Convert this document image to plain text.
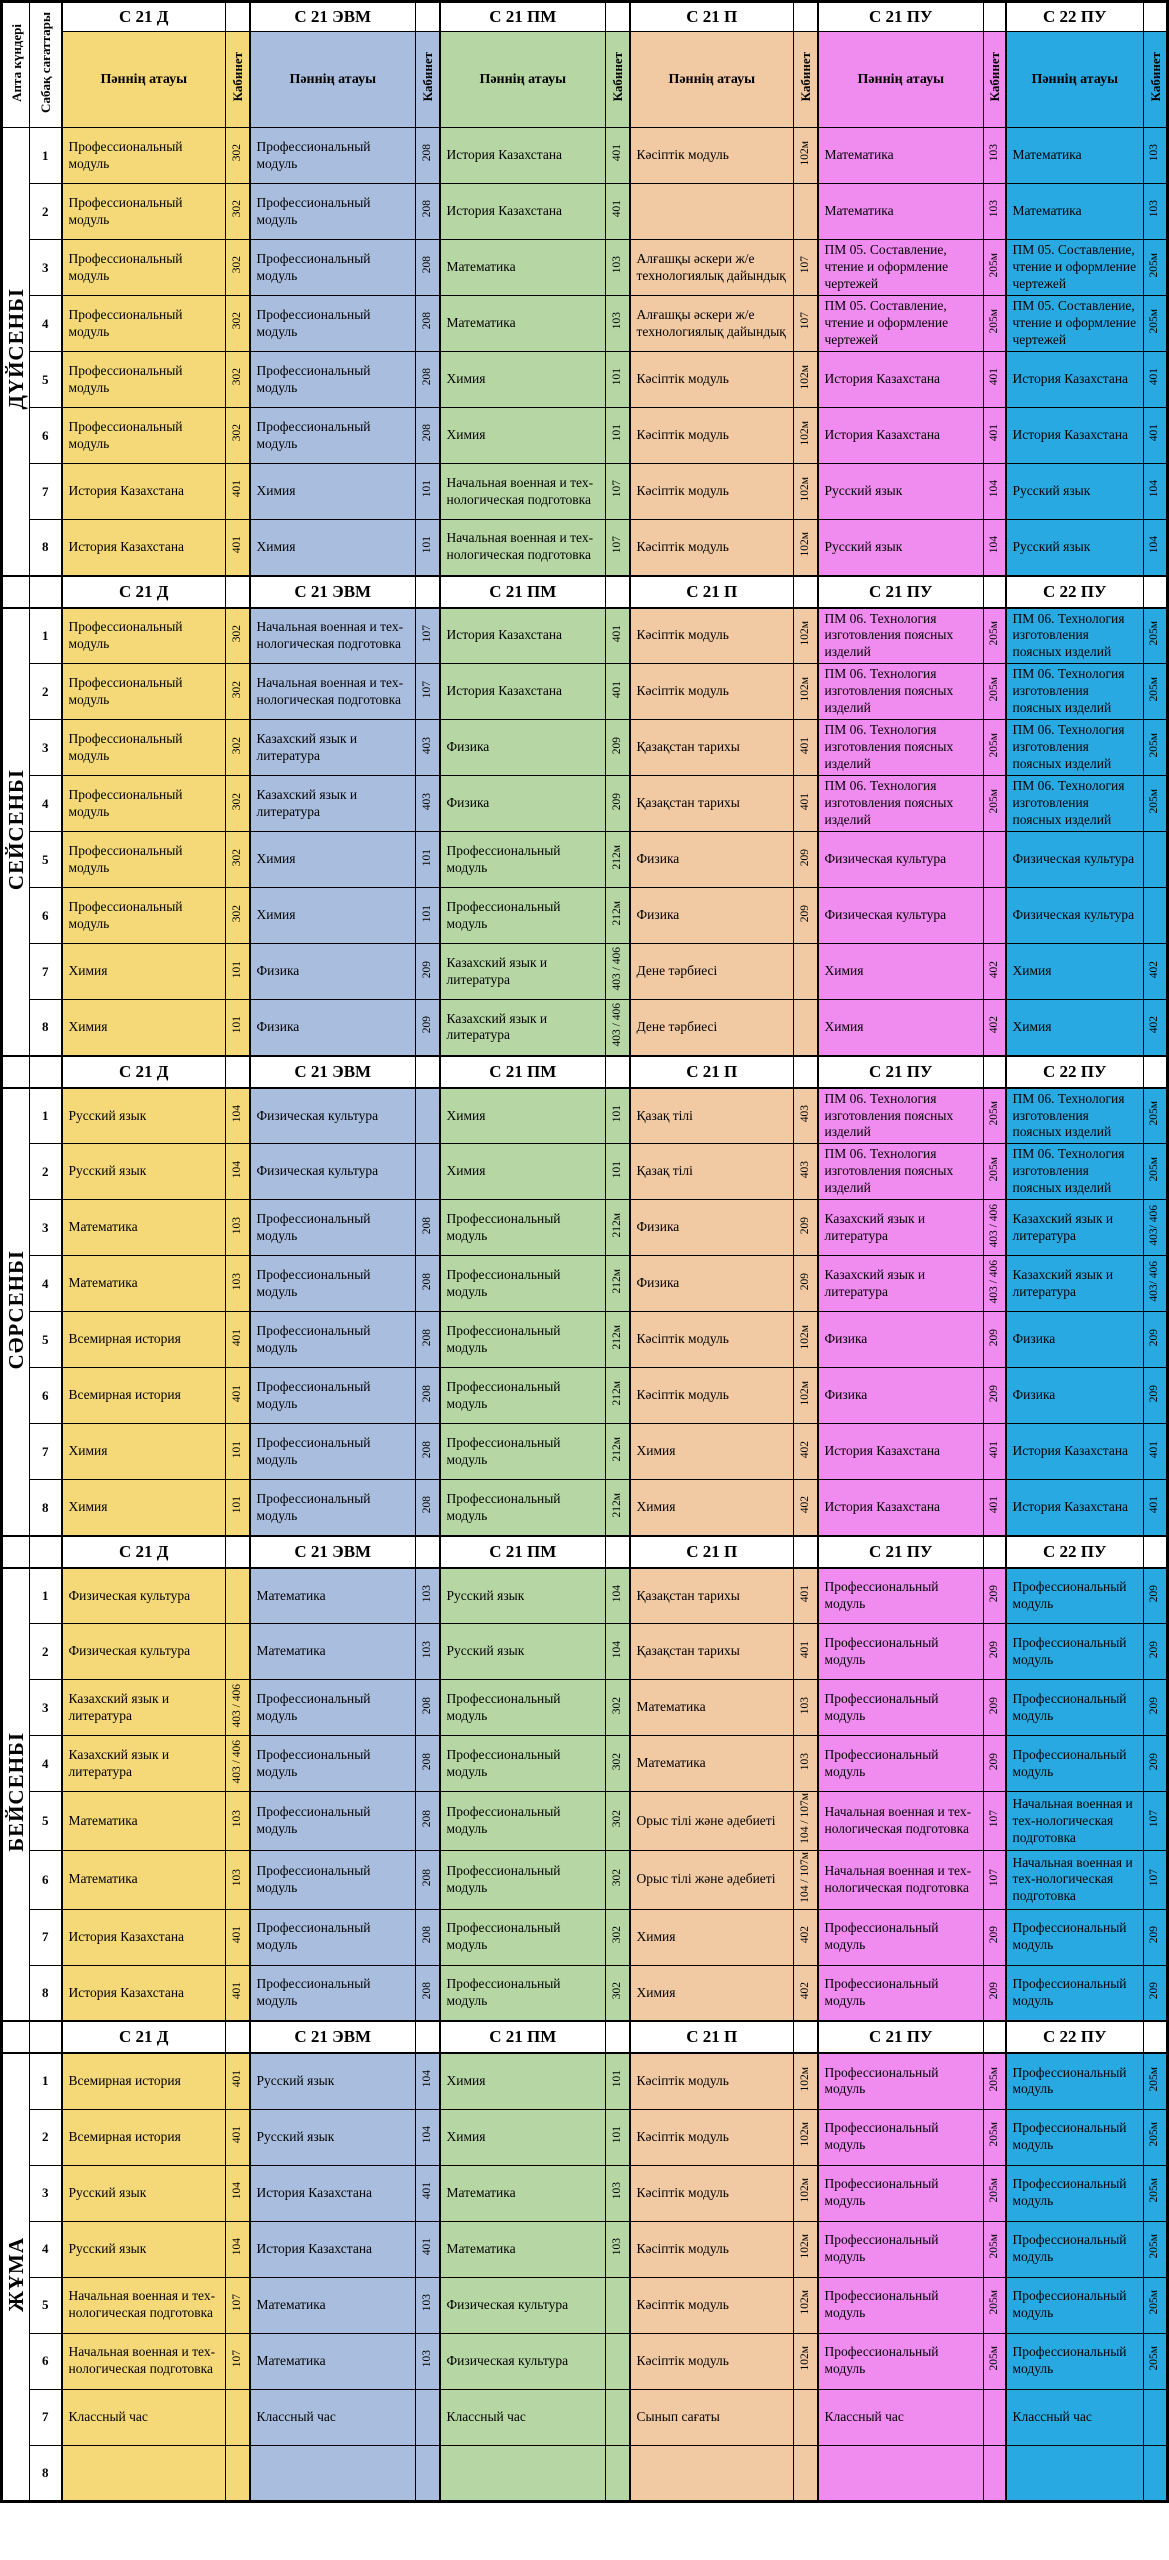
Апта күндері	Сабақ сағаттары	С 21 Д		С 21 ЭВМ		С 21 ПМ		С 21 П		С 21 ПУ		С 22 ПУ	
		Пәннің атауы	Кабинет	Пәннің атауы	Кабинет	Пәннің атауы	Кабинет	Пәннің атауы	Кабинет	Пәннің атауы	Кабинет	Пәннің атауы	Кабинет
ДҮЙСЕНБІ	1	Профессиональный модуль	302	Профессиональный модуль	208	История Казахстана	401	Кәсіптік модуль	102м	Математика	103	Математика	103
	2	Профессиональный модуль	302	Профессиональный модуль	208	История Казахстана	401			Математика	103	Математика	103
	3	Профессиональный модуль	302	Профессиональный модуль	208	Математика	103	Алғашқы әскери ж/е технологиялық дайындық	107	ПМ 05. Составление, чтение и оформление чертежей	205м	ПМ 05. Составление, чтение и оформление чертежей	205м
	4	Профессиональный модуль	302	Профессиональный модуль	208	Математика	103	Алғашқы әскери ж/е технологиялық дайындық	107	ПМ 05. Составление, чтение и оформление чертежей	205м	ПМ 05. Составление, чтение и оформление чертежей	205м
	5	Профессиональный модуль	302	Профессиональный модуль	208	Химия	101	Кәсіптік модуль	102м	История Казахстана	401	История Казахстана	401
	6	Профессиональный модуль	302	Профессиональный модуль	208	Химия	101	Кәсіптік модуль	102м	История Казахстана	401	История Казахстана	401
	7	История Казахстана	401	Химия	101	Начальная военная и тех-нологическая подготовка	107	Кәсіптік модуль	102м	Русский язык	104	Русский язык	104
	8	История Казахстана	401	Химия	101	Начальная военная и тех-нологическая подготовка	107	Кәсіптік модуль	102м	Русский язык	104	Русский язык	104
		С 21 Д		С 21 ЭВМ		С 21 ПМ		С 21 П		С 21 ПУ		С 22 ПУ	
СЕЙСЕНБІ	1	Профессиональный модуль	302	Начальная военная и тех-нологическая подготовка	107	История Казахстана	401	Кәсіптік модуль	102м	ПМ 06. Технология изготовления поясных изделий	205м	ПМ 06. Технология изготовления поясных изделий	205м
	2	Профессиональный модуль	302	Начальная военная и тех-нологическая подготовка	107	История Казахстана	401	Кәсіптік модуль	102м	ПМ 06. Технология изготовления поясных изделий	205м	ПМ 06. Технология изготовления поясных изделий	205м
	3	Профессиональный модуль	302	Казахский язык и литература	403	Физика	209	Қазақстан тарихы	401	ПМ 06. Технология изготовления поясных изделий	205м	ПМ 06. Технология изготовления поясных изделий	205м
	4	Профессиональный модуль	302	Казахский язык и литература	403	Физика	209	Қазақстан тарихы	401	ПМ 06. Технология изготовления поясных изделий	205м	ПМ 06. Технология изготовления поясных изделий	205м
	5	Профессиональный модуль	302	Химия	101	Профессиональный модуль	212м	Физика	209	Физическая культура		Физическая культура	
	6	Профессиональный модуль	302	Химия	101	Профессиональный модуль	212м	Физика	209	Физическая культура		Физическая культура	
	7	Химия	101	Физика	209	Казахский язык и литература	403 / 406	Дене тәрбиесі		Химия	402	Химия	402
	8	Химия	101	Физика	209	Казахский язык и литература	403 / 406	Дене тәрбиесі		Химия	402	Химия	402
		С 21 Д		С 21 ЭВМ		С 21 ПМ		С 21 П		С 21 ПУ		С 22 ПУ	
СӘРСЕНБІ	1	Русский язык	104	Физическая культура		Химия	101	Қазақ тілі	403	ПМ 06. Технология изготовления поясных изделий	205м	ПМ 06. Технология изготовления поясных изделий	205м
	2	Русский язык	104	Физическая культура		Химия	101	Қазақ тілі	403	ПМ 06. Технология изготовления поясных изделий	205м	ПМ 06. Технология изготовления поясных изделий	205м
	3	Математика	103	Профессиональный модуль	208	Профессиональный модуль	212м	Физика	209	Казахский язык и литература	403 / 406	Казахский язык и литература	403/ 406
	4	Математика	103	Профессиональный модуль	208	Профессиональный модуль	212м	Физика	209	Казахский язык и литература	403 / 406	Казахский язык и литература	403/ 406
	5	Всемирная история	401	Профессиональный модуль	208	Профессиональный модуль	212м	Кәсіптік модуль	102м	Физика	209	Физика	209
	6	Всемирная история	401	Профессиональный модуль	208	Профессиональный модуль	212м	Кәсіптік модуль	102м	Физика	209	Физика	209
	7	Химия	101	Профессиональный модуль	208	Профессиональный модуль	212м	Химия	402	История Казахстана	401	История Казахстана	401
	8	Химия	101	Профессиональный модуль	208	Профессиональный модуль	212м	Химия	402	История Казахстана	401	История Казахстана	401
		С 21 Д		С 21 ЭВМ		С 21 ПМ		С 21 П		С 21 ПУ		С 22 ПУ	
БЕЙСЕНБІ	1	Физическая культура		Математика	103	Русский язык	104	Қазақстан тарихы	401	Профессиональный модуль	209	Профессиональный модуль	209
	2	Физическая культура		Математика	103	Русский язык	104	Қазақстан тарихы	401	Профессиональный модуль	209	Профессиональный модуль	209
	3	Казахский язык и литература	403 / 406	Профессиональный модуль	208	Профессиональный модуль	302	Математика	103	Профессиональный модуль	209	Профессиональный модуль	209
	4	Казахский язык и литература	403 / 406	Профессиональный модуль	208	Профессиональный модуль	302	Математика	103	Профессиональный модуль	209	Профессиональный модуль	209
	5	Математика	103	Профессиональный модуль	208	Профессиональный модуль	302	Орыс тілі және әдебиеті	104 / 107м	Начальная военная и тех-нологическая подготовка	107	Начальная военная и тех-нологическая подготовка	107
	6	Математика	103	Профессиональный модуль	208	Профессиональный модуль	302	Орыс тілі және әдебиеті	104 / 107м	Начальная военная и тех-нологическая подготовка	107	Начальная военная и тех-нологическая подготовка	107
	7	История Казахстана	401	Профессиональный модуль	208	Профессиональный модуль	302	Химия	402	Профессиональный модуль	209	Профессиональный модуль	209
	8	История Казахстана	401	Профессиональный модуль	208	Профессиональный модуль	302	Химия	402	Профессиональный модуль	209	Профессиональный модуль	209
		С 21 Д		С 21 ЭВМ		С 21 ПМ		С 21 П		С 21 ПУ		С 22 ПУ	
ЖҰМА	1	Всемирная история	401	Русский язык	104	Химия	101	Кәсіптік модуль	102м	Профессиональный модуль	205м	Профессиональный модуль	205м
	2	Всемирная история	401	Русский язык	104	Химия	101	Кәсіптік модуль	102м	Профессиональный модуль	205м	Профессиональный модуль	205м
	3	Русский язык	104	История Казахстана	401	Математика	103	Кәсіптік модуль	102м	Профессиональный модуль	205м	Профессиональный модуль	205м
	4	Русский язык	104	История Казахстана	401	Математика	103	Кәсіптік модуль	102м	Профессиональный модуль	205м	Профессиональный модуль	205м
	5	Начальная военная и тех-нологическая подготовка	107	Математика	103	Физическая культура		Кәсіптік модуль	102м	Профессиональный модуль	205м	Профессиональный модуль	205м
	6	Начальная военная и тех-нологическая подготовка	107	Математика	103	Физическая культура		Кәсіптік модуль	102м	Профессиональный модуль	205м	Профессиональный модуль	205м
	7	Классный час		Классный час		Классный час		Сынып сағаты		Классный час		Классный час	
	8												
